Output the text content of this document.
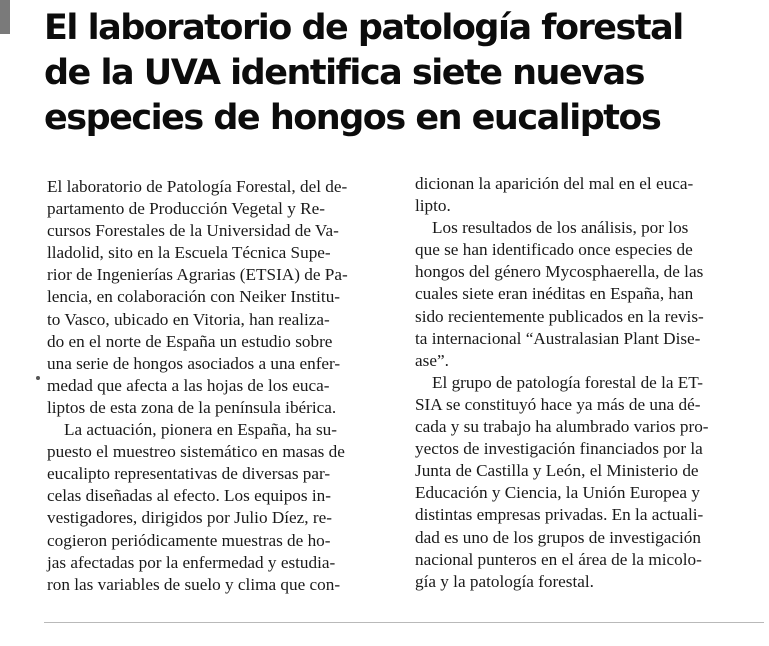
El laboratorio de patología forestal
de la UVA identifica siete nuevas
especies de hongos en eucaliptos
El laboratorio de Patología Forestal, del de-
partamento de Producción Vegetal y Re-
cursos Forestales de la Universidad de Va-
lladolid, sito en la Escuela Técnica Supe-
rior de Ingenierías Agrarias (ETSIA) de Pa-
lencia, en colaboración con Neiker Institu-
to Vasco, ubicado en Vitoria, han realiza-
do en el norte de España un estudio sobre
una serie de hongos asociados a una enfer-
medad que afecta a las hojas de los euca-
liptos de esta zona de la península ibérica.
La actuación, pionera en España, ha su-
puesto el muestreo sistemático en masas de
eucalipto representativas de diversas par-
celas diseñadas al efecto. Los equipos in-
vestigadores, dirigidos por Julio Díez, re-
cogieron periódicamente muestras de ho-
jas afectadas por la enfermedad y estudia-
ron las variables de suelo y clima que con-
dicionan la aparición del mal en el euca-
lipto.
Los resultados de los análisis, por los
que se han identificado once especies de
hongos del género Mycosphaerella, de las
cuales siete eran inéditas en España, han
sido recientemente publicados en la revis-
ta internacional “Australasian Plant Dise-
ase”.
El grupo de patología forestal de la ET-
SIA se constituyó hace ya más de una dé-
cada y su trabajo ha alumbrado varios pro-
yectos de investigación financiados por la
Junta de Castilla y León, el Ministerio de
Educación y Ciencia, la Unión Europea y
distintas empresas privadas. En la actuali-
dad es uno de los grupos de investigación
nacional punteros en el área de la micolo-
gía y la patología forestal.
